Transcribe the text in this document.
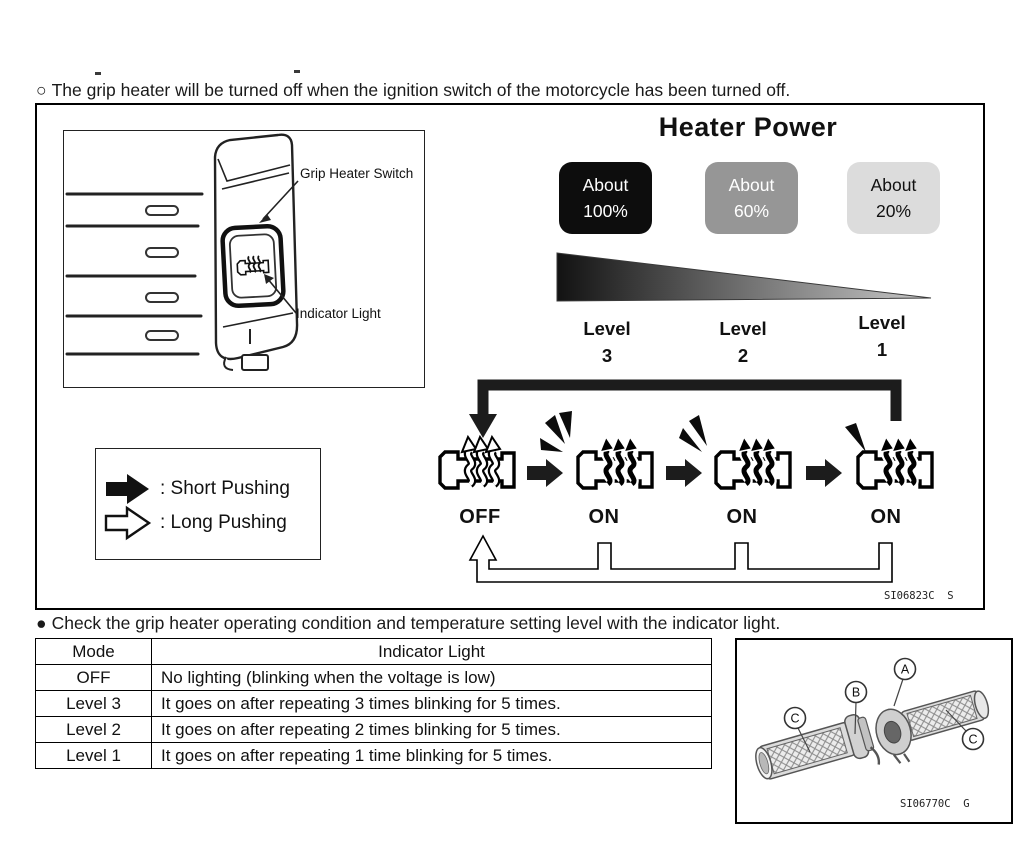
○ The grip heater will be turned off when the ignition switch of the motorcycle has been turned off.
Grip Heater Switch
Indicator Light
Heater Power
About
100%
About
60%
About
20%
Level
3
Level
2
Level
1
OFF	ON	ON	ON
: Short Pushing
: Long Pushing
SI06823C  S
● Check the grip heater operating condition and temperature setting level with the indicator light.
Mode	Indicator Light
OFF	No lighting (blinking when the voltage is low)
Level 3	It goes on after repeating 3 times blinking for 5 times.
Level 2	It goes on after repeating 2 times blinking for 5 times.
Level 1	It goes on after repeating 1 time blinking for 5 times.
A
B
C
C
SI06770C  G
